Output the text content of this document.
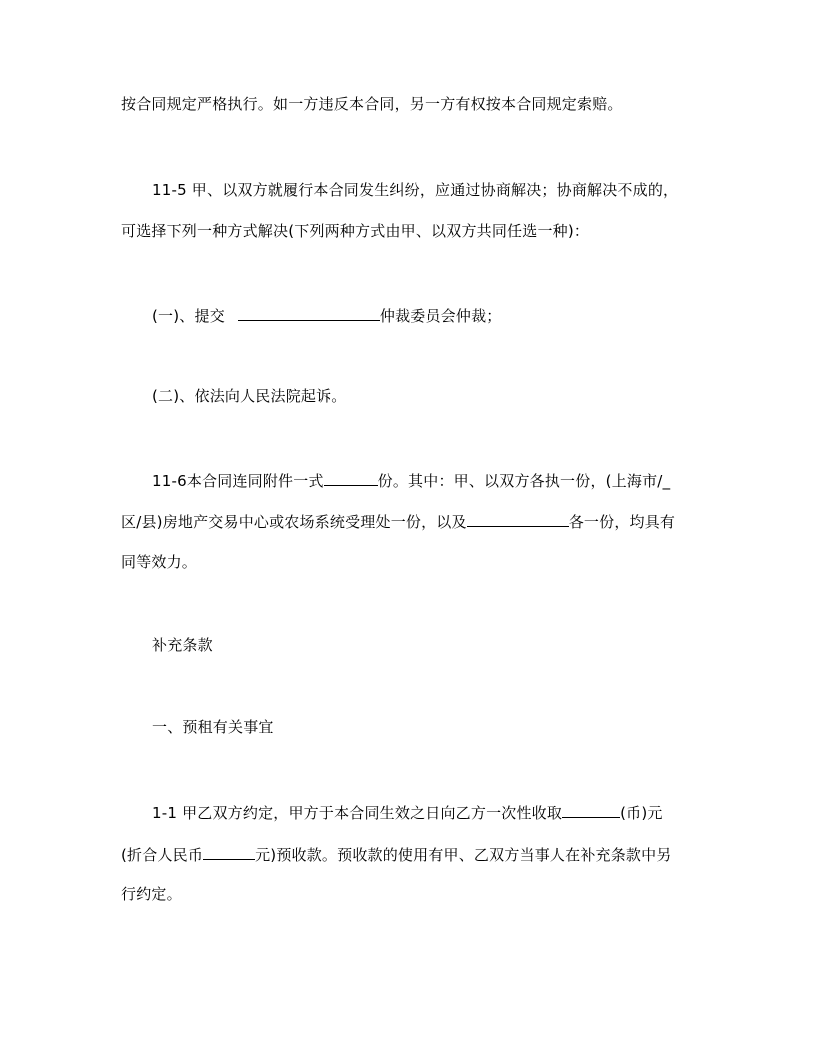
按合同规定严格执行。如一方违反本合同，另一方有权按本合同规定索赔。

11-5 甲、以双方就履行本合同发生纠纷，应通过协商解决；协商解决不成的，

可选择下列一种方式解决(下列两种方式由甲、以双方共同任选一种)：

(一)、提交	仲裁委员会仲裁；

(二)、依法向人民法院起诉。

11-6本合同连同附件一式	份。其中：甲、以双方各执一份，(上海市/_

区/县)房地产交易中心或农场系统受理处一份，以及	各一份，均具有

同等效力。

补充条款

一、预租有关事宜

1-1 甲乙双方约定，甲方于本合同生效之日向乙方一次性收取	(币)元

(折合人民币	元)预收款。预收款的使用有甲、乙双方当事人在补充条款中另

行约定。
